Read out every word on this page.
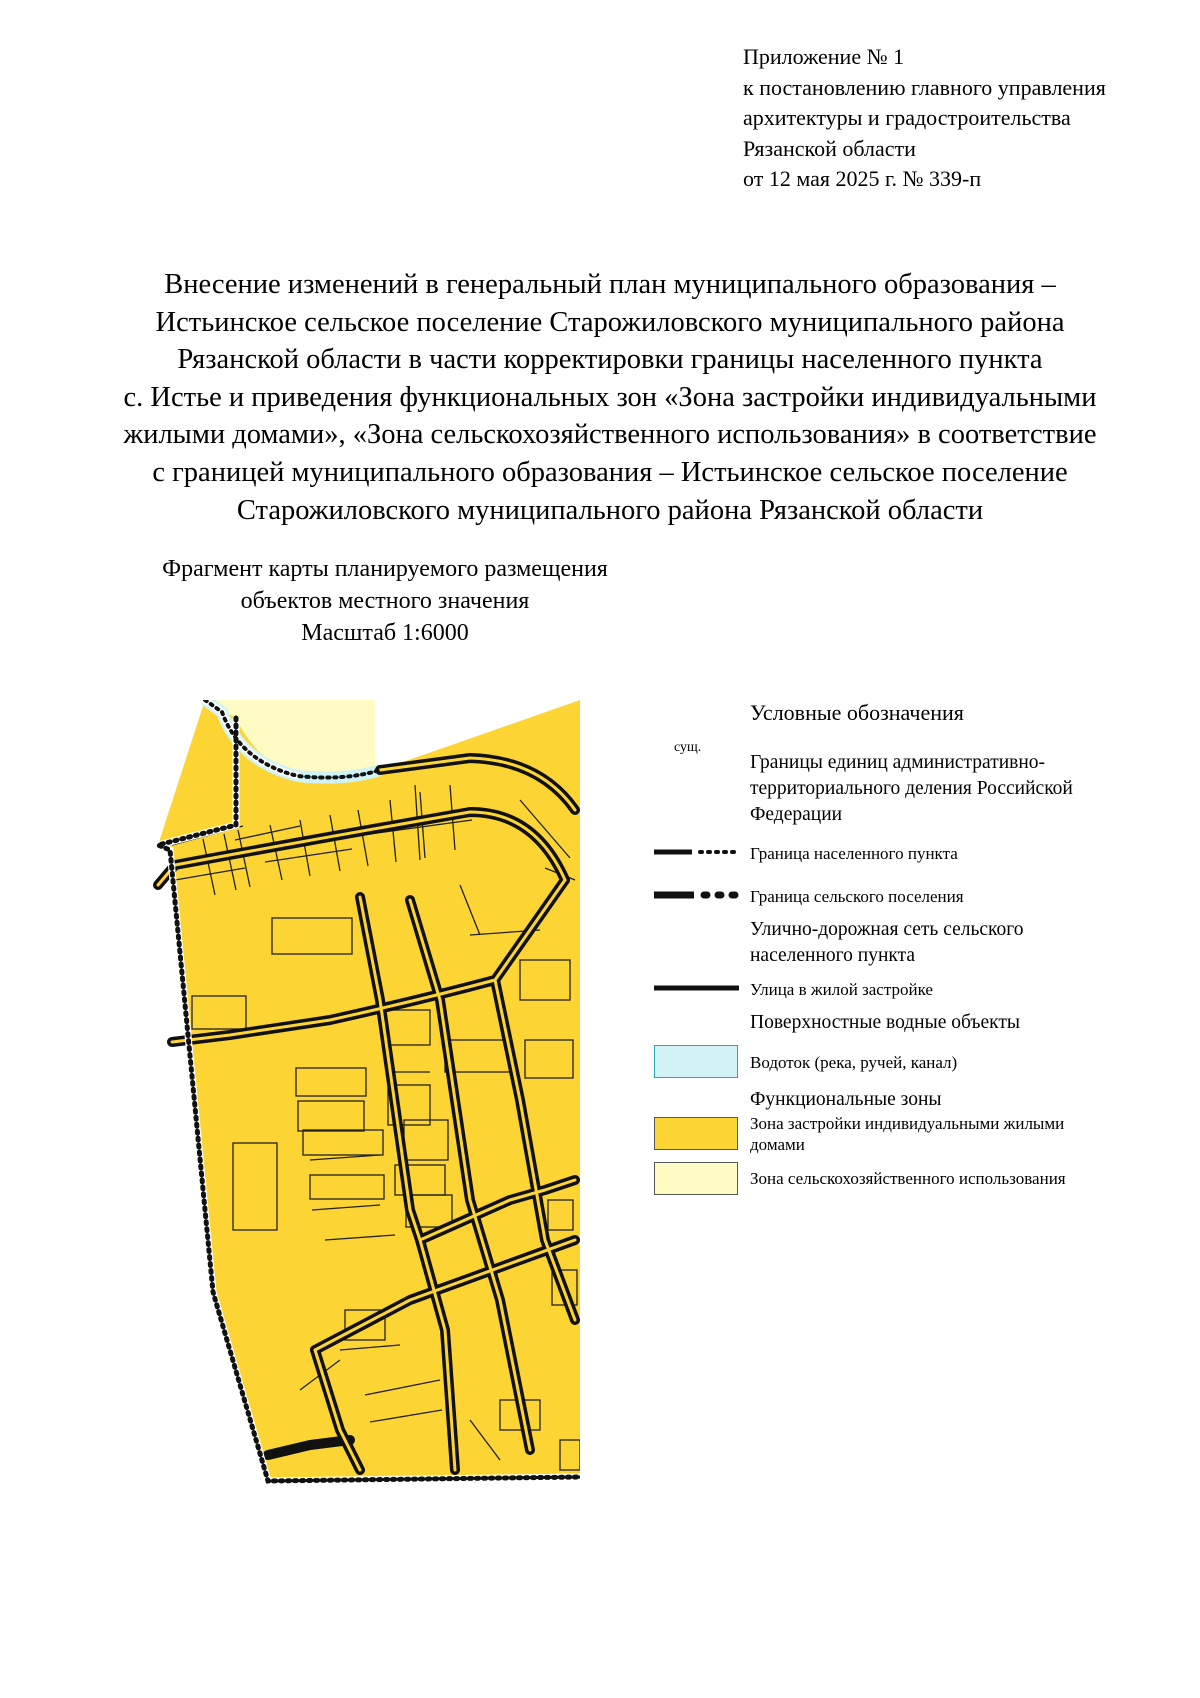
Приложение № 1
к постановлению главного управления
архитектуры и градостроительства
Рязанской области
от 12 мая 2025 г. № 339-п
Внесение изменений в генеральный план муниципального образования –
Истьинское сельское поселение Старожиловского муниципального района
Рязанской области в части корректировки границы населенного пункта
с. Истье и приведения функциональных зон «Зона застройки индивидуальными
жилыми домами», «Зона сельскохозяйственного использования» в соответствие
с границей муниципального образования – Истьинское сельское поселение
Старожиловского муниципального района Рязанской области
Фрагмент карты планируемого размещения
объектов местного значения
Масштаб 1:6000
Условные обозначения
сущ.
Границы единиц административно-территориального деления Российской Федерации
Граница населенного пункта
Граница сельского поселения
Улично-дорожная сеть сельского населенного пункта
Улица в жилой застройке
Поверхностные водные объекты
Водоток (река, ручей, канал)
Функциональные зоны
Зона застройки индивидуальными жилыми домами
Зона сельскохозяйственного использования
